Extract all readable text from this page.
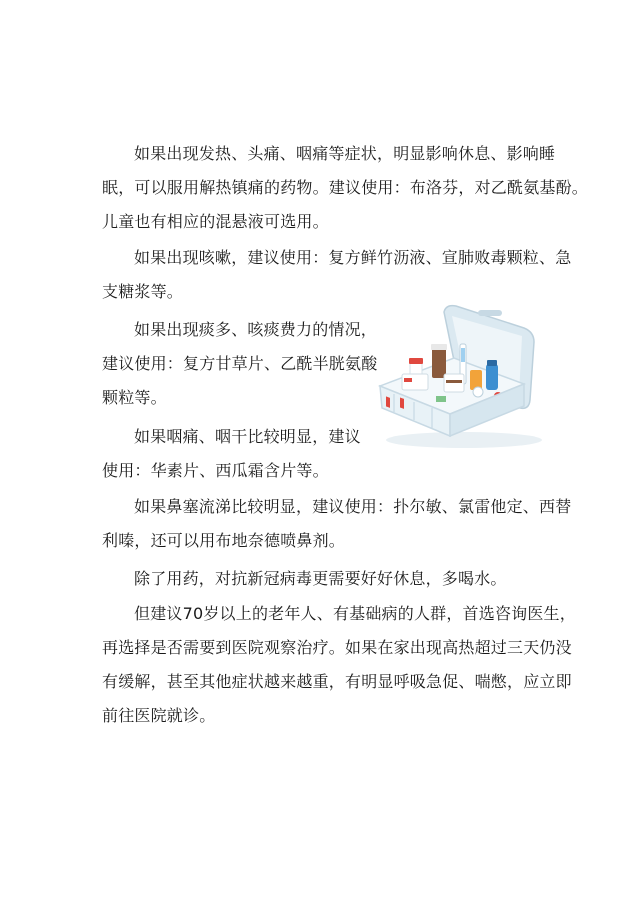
如果出现发热、头痛、咽痛等症状，明显影响休息、影响睡
眠，可以服用解热镇痛的药物。建议使用：布洛芬，对乙酰氨基酚。
儿童也有相应的混悬液可选用。

如果出现咳嗽，建议使用：复方鲜竹沥液、宣肺败毒颗粒、急
支糖浆等。

如果出现痰多、咳痰费力的情况，
建议使用：复方甘草片、乙酰半胱氨酸
颗粒等。

如果咽痛、咽干比较明显，建议
使用：华素片、西瓜霜含片等。

如果鼻塞流涕比较明显，建议使用：扑尔敏、氯雷他定、西替
利嗪，还可以用布地奈德喷鼻剂。

除了用药，对抗新冠病毒更需要好好休息，多喝水。

但建议70岁以上的老年人、有基础病的人群，首选咨询医生，
再选择是否需要到医院观察治疗。如果在家出现高热超过三天仍没
有缓解，甚至其他症状越来越重，有明显呼吸急促、喘憋，应立即
前往医院就诊。
